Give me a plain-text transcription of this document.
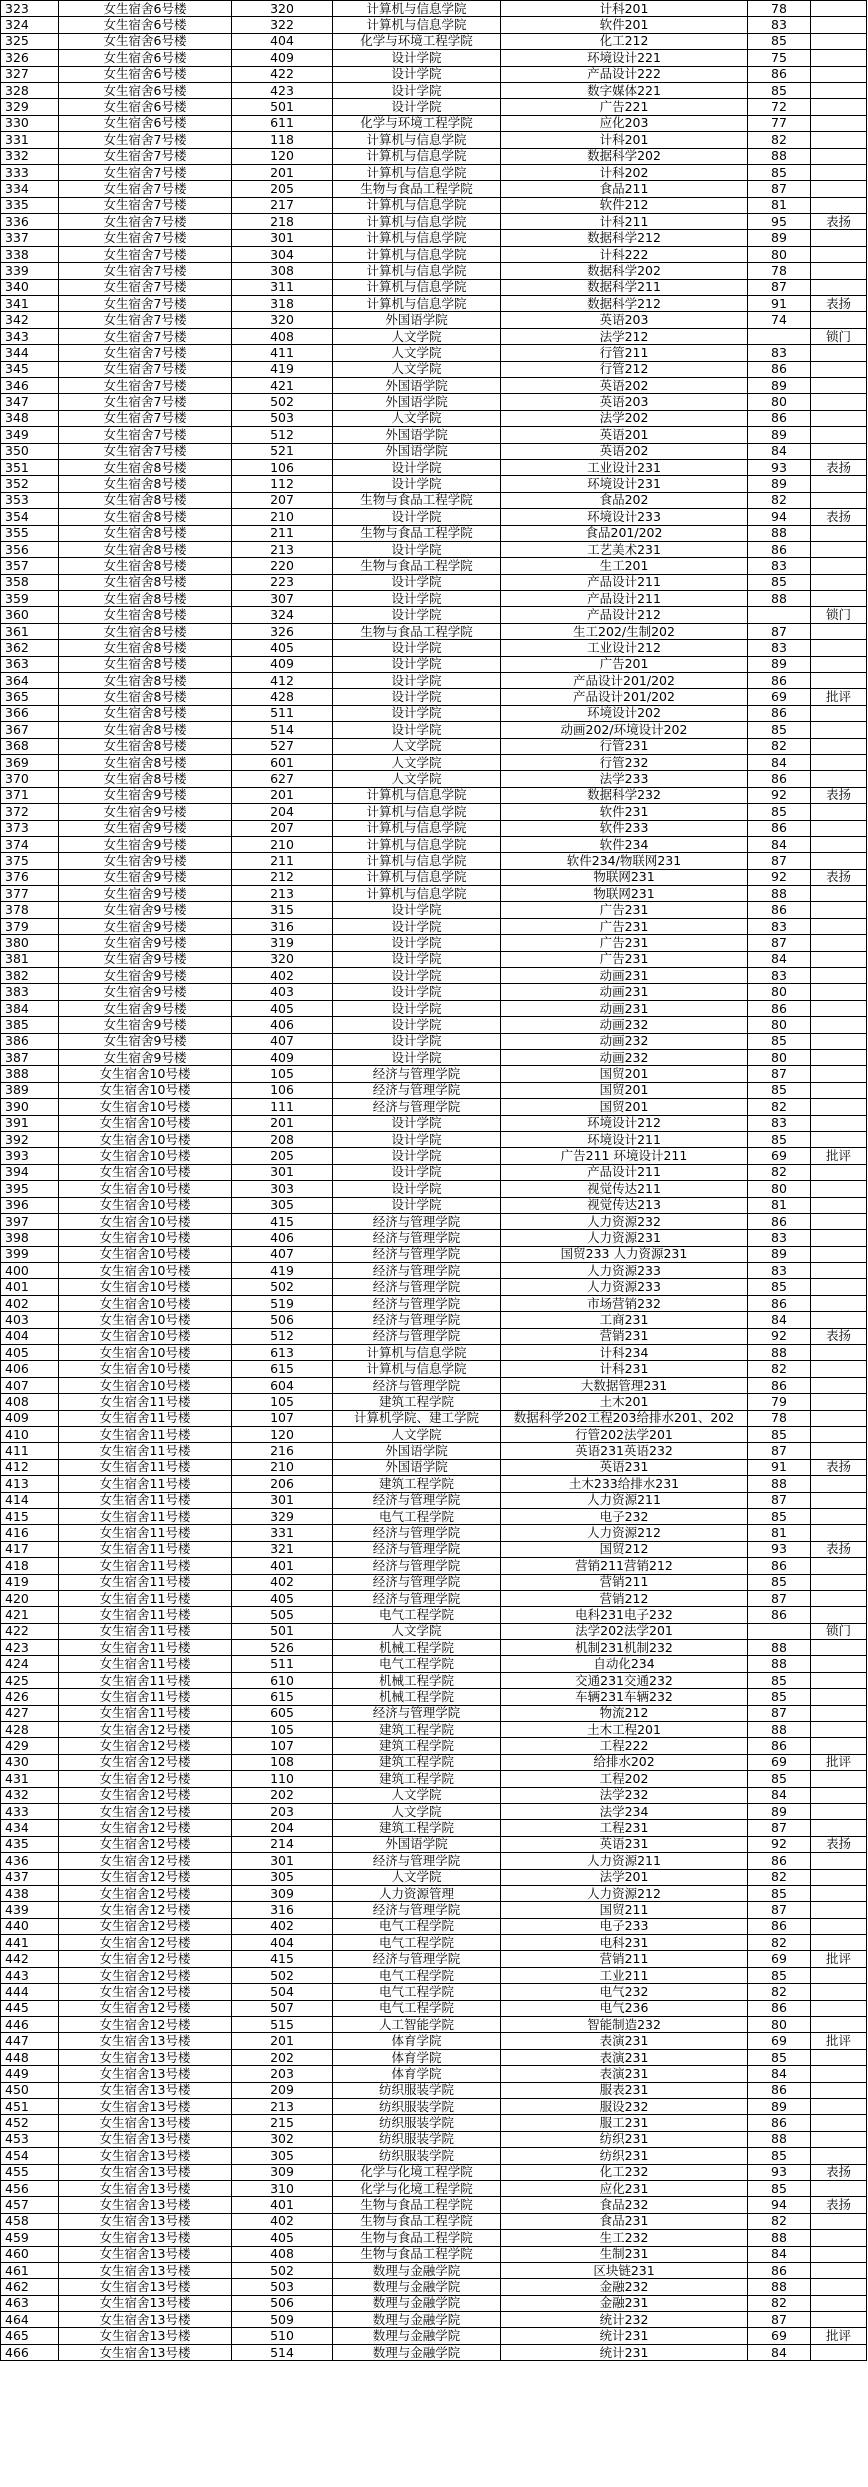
323	女生宿舍6号楼	320	计算机与信息学院	计科201	78	
324	女生宿舍6号楼	322	计算机与信息学院	软件201	83	
325	女生宿舍6号楼	404	化学与环境工程学院	化工212	85	
326	女生宿舍6号楼	409	设计学院	环境设计221	75	
327	女生宿舍6号楼	422	设计学院	产品设计222	86	
328	女生宿舍6号楼	423	设计学院	数字媒体221	85	
329	女生宿舍6号楼	501	设计学院	广告221	72	
330	女生宿舍6号楼	611	化学与环境工程学院	应化203	77	
331	女生宿舍7号楼	118	计算机与信息学院	计科201	82	
332	女生宿舍7号楼	120	计算机与信息学院	数据科学202	88	
333	女生宿舍7号楼	201	计算机与信息学院	计科202	85	
334	女生宿舍7号楼	205	生物与食品工程学院	食品211	87	
335	女生宿舍7号楼	217	计算机与信息学院	软件212	81	
336	女生宿舍7号楼	218	计算机与信息学院	计科211	95	表扬
337	女生宿舍7号楼	301	计算机与信息学院	数据科学212	89	
338	女生宿舍7号楼	304	计算机与信息学院	计科222	80	
339	女生宿舍7号楼	308	计算机与信息学院	数据科学202	78	
340	女生宿舍7号楼	311	计算机与信息学院	数据科学211	87	
341	女生宿舍7号楼	318	计算机与信息学院	数据科学212	91	表扬
342	女生宿舍7号楼	320	外国语学院	英语203	74	
343	女生宿舍7号楼	408	人文学院	法学212		锁门
344	女生宿舍7号楼	411	人文学院	行管211	83	
345	女生宿舍7号楼	419	人文学院	行管212	86	
346	女生宿舍7号楼	421	外国语学院	英语202	89	
347	女生宿舍7号楼	502	外国语学院	英语203	80	
348	女生宿舍7号楼	503	人文学院	法学202	86	
349	女生宿舍7号楼	512	外国语学院	英语201	89	
350	女生宿舍7号楼	521	外国语学院	英语202	84	
351	女生宿舍8号楼	106	设计学院	工业设计231	93	表扬
352	女生宿舍8号楼	112	设计学院	环境设计231	89	
353	女生宿舍8号楼	207	生物与食品工程学院	食品202	82	
354	女生宿舍8号楼	210	设计学院	环境设计233	94	表扬
355	女生宿舍8号楼	211	生物与食品工程学院	食品201/202	88	
356	女生宿舍8号楼	213	设计学院	工艺美术231	86	
357	女生宿舍8号楼	220	生物与食品工程学院	生工201	83	
358	女生宿舍8号楼	223	设计学院	产品设计211	85	
359	女生宿舍8号楼	307	设计学院	产品设计211	88	
360	女生宿舍8号楼	324	设计学院	产品设计212		锁门
361	女生宿舍8号楼	326	生物与食品工程学院	生工202/生制202	87	
362	女生宿舍8号楼	405	设计学院	工业设计212	83	
363	女生宿舍8号楼	409	设计学院	广告201	89	
364	女生宿舍8号楼	412	设计学院	产品设计201/202	86	
365	女生宿舍8号楼	428	设计学院	产品设计201/202	69	批评
366	女生宿舍8号楼	511	设计学院	环境设计202	86	
367	女生宿舍8号楼	514	设计学院	动画202/环境设计202	85	
368	女生宿舍8号楼	527	人文学院	行管231	82	
369	女生宿舍8号楼	601	人文学院	行管232	84	
370	女生宿舍8号楼	627	人文学院	法学233	86	
371	女生宿舍9号楼	201	计算机与信息学院	数据科学232	92	表扬
372	女生宿舍9号楼	204	计算机与信息学院	软件231	85	
373	女生宿舍9号楼	207	计算机与信息学院	软件233	86	
374	女生宿舍9号楼	210	计算机与信息学院	软件234	84	
375	女生宿舍9号楼	211	计算机与信息学院	软件234/物联网231	87	
376	女生宿舍9号楼	212	计算机与信息学院	物联网231	92	表扬
377	女生宿舍9号楼	213	计算机与信息学院	物联网231	88	
378	女生宿舍9号楼	315	设计学院	广告231	86	
379	女生宿舍9号楼	316	设计学院	广告231	83	
380	女生宿舍9号楼	319	设计学院	广告231	87	
381	女生宿舍9号楼	320	设计学院	广告231	84	
382	女生宿舍9号楼	402	设计学院	动画231	83	
383	女生宿舍9号楼	403	设计学院	动画231	80	
384	女生宿舍9号楼	405	设计学院	动画231	86	
385	女生宿舍9号楼	406	设计学院	动画232	80	
386	女生宿舍9号楼	407	设计学院	动画232	85	
387	女生宿舍9号楼	409	设计学院	动画232	80	
388	女生宿舍10号楼	105	经济与管理学院	国贸201	87	
389	女生宿舍10号楼	106	经济与管理学院	国贸201	85	
390	女生宿舍10号楼	111	经济与管理学院	国贸201	82	
391	女生宿舍10号楼	201	设计学院	环境设计212	83	
392	女生宿舍10号楼	208	设计学院	环境设计211	85	
393	女生宿舍10号楼	205	设计学院	广告211 环境设计211	69	批评
394	女生宿舍10号楼	301	设计学院	产品设计211	82	
395	女生宿舍10号楼	303	设计学院	视觉传达211	80	
396	女生宿舍10号楼	305	设计学院	视觉传达213	81	
397	女生宿舍10号楼	415	经济与管理学院	人力资源232	86	
398	女生宿舍10号楼	406	经济与管理学院	人力资源231	83	
399	女生宿舍10号楼	407	经济与管理学院	国贸233 人力资源231	89	
400	女生宿舍10号楼	419	经济与管理学院	人力资源233	83	
401	女生宿舍10号楼	502	经济与管理学院	人力资源233	85	
402	女生宿舍10号楼	519	经济与管理学院	市场营销232	86	
403	女生宿舍10号楼	506	经济与管理学院	工商231	84	
404	女生宿舍10号楼	512	经济与管理学院	营销231	92	表扬
405	女生宿舍10号楼	613	计算机与信息学院	计科234	88	
406	女生宿舍10号楼	615	计算机与信息学院	计科231	82	
407	女生宿舍10号楼	604	经济与管理学院	大数据管理231	86	
408	女生宿舍11号楼	105	建筑工程学院	土木201	79	
409	女生宿舍11号楼	107	计算机学院、建工学院	数据科学202工程203给排水201、202	78	
410	女生宿舍11号楼	120	人文学院	行管202法学201	85	
411	女生宿舍11号楼	216	外国语学院	英语231英语232	87	
412	女生宿舍11号楼	210	外国语学院	英语231	91	表扬
413	女生宿舍11号楼	206	建筑工程学院	土木233给排水231	88	
414	女生宿舍11号楼	301	经济与管理学院	人力资源211	87	
415	女生宿舍11号楼	329	电气工程学院	电子232	85	
416	女生宿舍11号楼	331	经济与管理学院	人力资源212	81	
417	女生宿舍11号楼	321	经济与管理学院	国贸212	93	表扬
418	女生宿舍11号楼	401	经济与管理学院	营销211营销212	86	
419	女生宿舍11号楼	402	经济与管理学院	营销211	85	
420	女生宿舍11号楼	405	经济与管理学院	营销212	87	
421	女生宿舍11号楼	505	电气工程学院	电科231电子232	86	
422	女生宿舍11号楼	501	人文学院	法学202法学201		锁门
423	女生宿舍11号楼	526	机械工程学院	机制231机制232	88	
424	女生宿舍11号楼	511	电气工程学院	自动化234	88	
425	女生宿舍11号楼	610	机械工程学院	交通231交通232	85	
426	女生宿舍11号楼	615	机械工程学院	车辆231车辆232	85	
427	女生宿舍11号楼	605	经济与管理学院	物流212	87	
428	女生宿舍12号楼	105	建筑工程学院	土木工程201	88	
429	女生宿舍12号楼	107	建筑工程学院	工程222	86	
430	女生宿舍12号楼	108	建筑工程学院	给排水202	69	批评
431	女生宿舍12号楼	110	建筑工程学院	工程202	85	
432	女生宿舍12号楼	202	人文学院	法学232	84	
433	女生宿舍12号楼	203	人文学院	法学234	89	
434	女生宿舍12号楼	204	建筑工程学院	工程231	87	
435	女生宿舍12号楼	214	外国语学院	英语231	92	表扬
436	女生宿舍12号楼	301	经济与管理学院	人力资源211	86	
437	女生宿舍12号楼	305	人文学院	法学201	82	
438	女生宿舍12号楼	309	人力资源管理	人力资源212	85	
439	女生宿舍12号楼	316	经济与管理学院	国贸211	87	
440	女生宿舍12号楼	402	电气工程学院	电子233	86	
441	女生宿舍12号楼	404	电气工程学院	电科231	82	
442	女生宿舍12号楼	415	经济与管理学院	营销211	69	批评
443	女生宿舍12号楼	502	电气工程学院	工业211	85	
444	女生宿舍12号楼	504	电气工程学院	电气232	82	
445	女生宿舍12号楼	507	电气工程学院	电气236	86	
446	女生宿舍12号楼	515	人工智能学院	智能制造232	80	
447	女生宿舍13号楼	201	体育学院	表演231	69	批评
448	女生宿舍13号楼	202	体育学院	表演231	85	
449	女生宿舍13号楼	203	体育学院	表演231	84	
450	女生宿舍13号楼	209	纺织服装学院	服表231	86	
451	女生宿舍13号楼	213	纺织服装学院	服设232	89	
452	女生宿舍13号楼	215	纺织服装学院	服工231	86	
453	女生宿舍13号楼	302	纺织服装学院	纺织231	88	
454	女生宿舍13号楼	305	纺织服装学院	纺织231	85	
455	女生宿舍13号楼	309	化学与化境工程学院	化工232	93	表扬
456	女生宿舍13号楼	310	化学与化境工程学院	应化231	85	
457	女生宿舍13号楼	401	生物与食品工程学院	食品232	94	表扬
458	女生宿舍13号楼	402	生物与食品工程学院	食品231	82	
459	女生宿舍13号楼	405	生物与食品工程学院	生工232	88	
460	女生宿舍13号楼	408	生物与食品工程学院	生制231	84	
461	女生宿舍13号楼	502	数理与金融学院	区块链231	86	
462	女生宿舍13号楼	503	数理与金融学院	金融232	88	
463	女生宿舍13号楼	506	数理与金融学院	金融231	82	
464	女生宿舍13号楼	509	数理与金融学院	统计232	87	
465	女生宿舍13号楼	510	数理与金融学院	统计231	69	批评
466	女生宿舍13号楼	514	数理与金融学院	统计231	84	
